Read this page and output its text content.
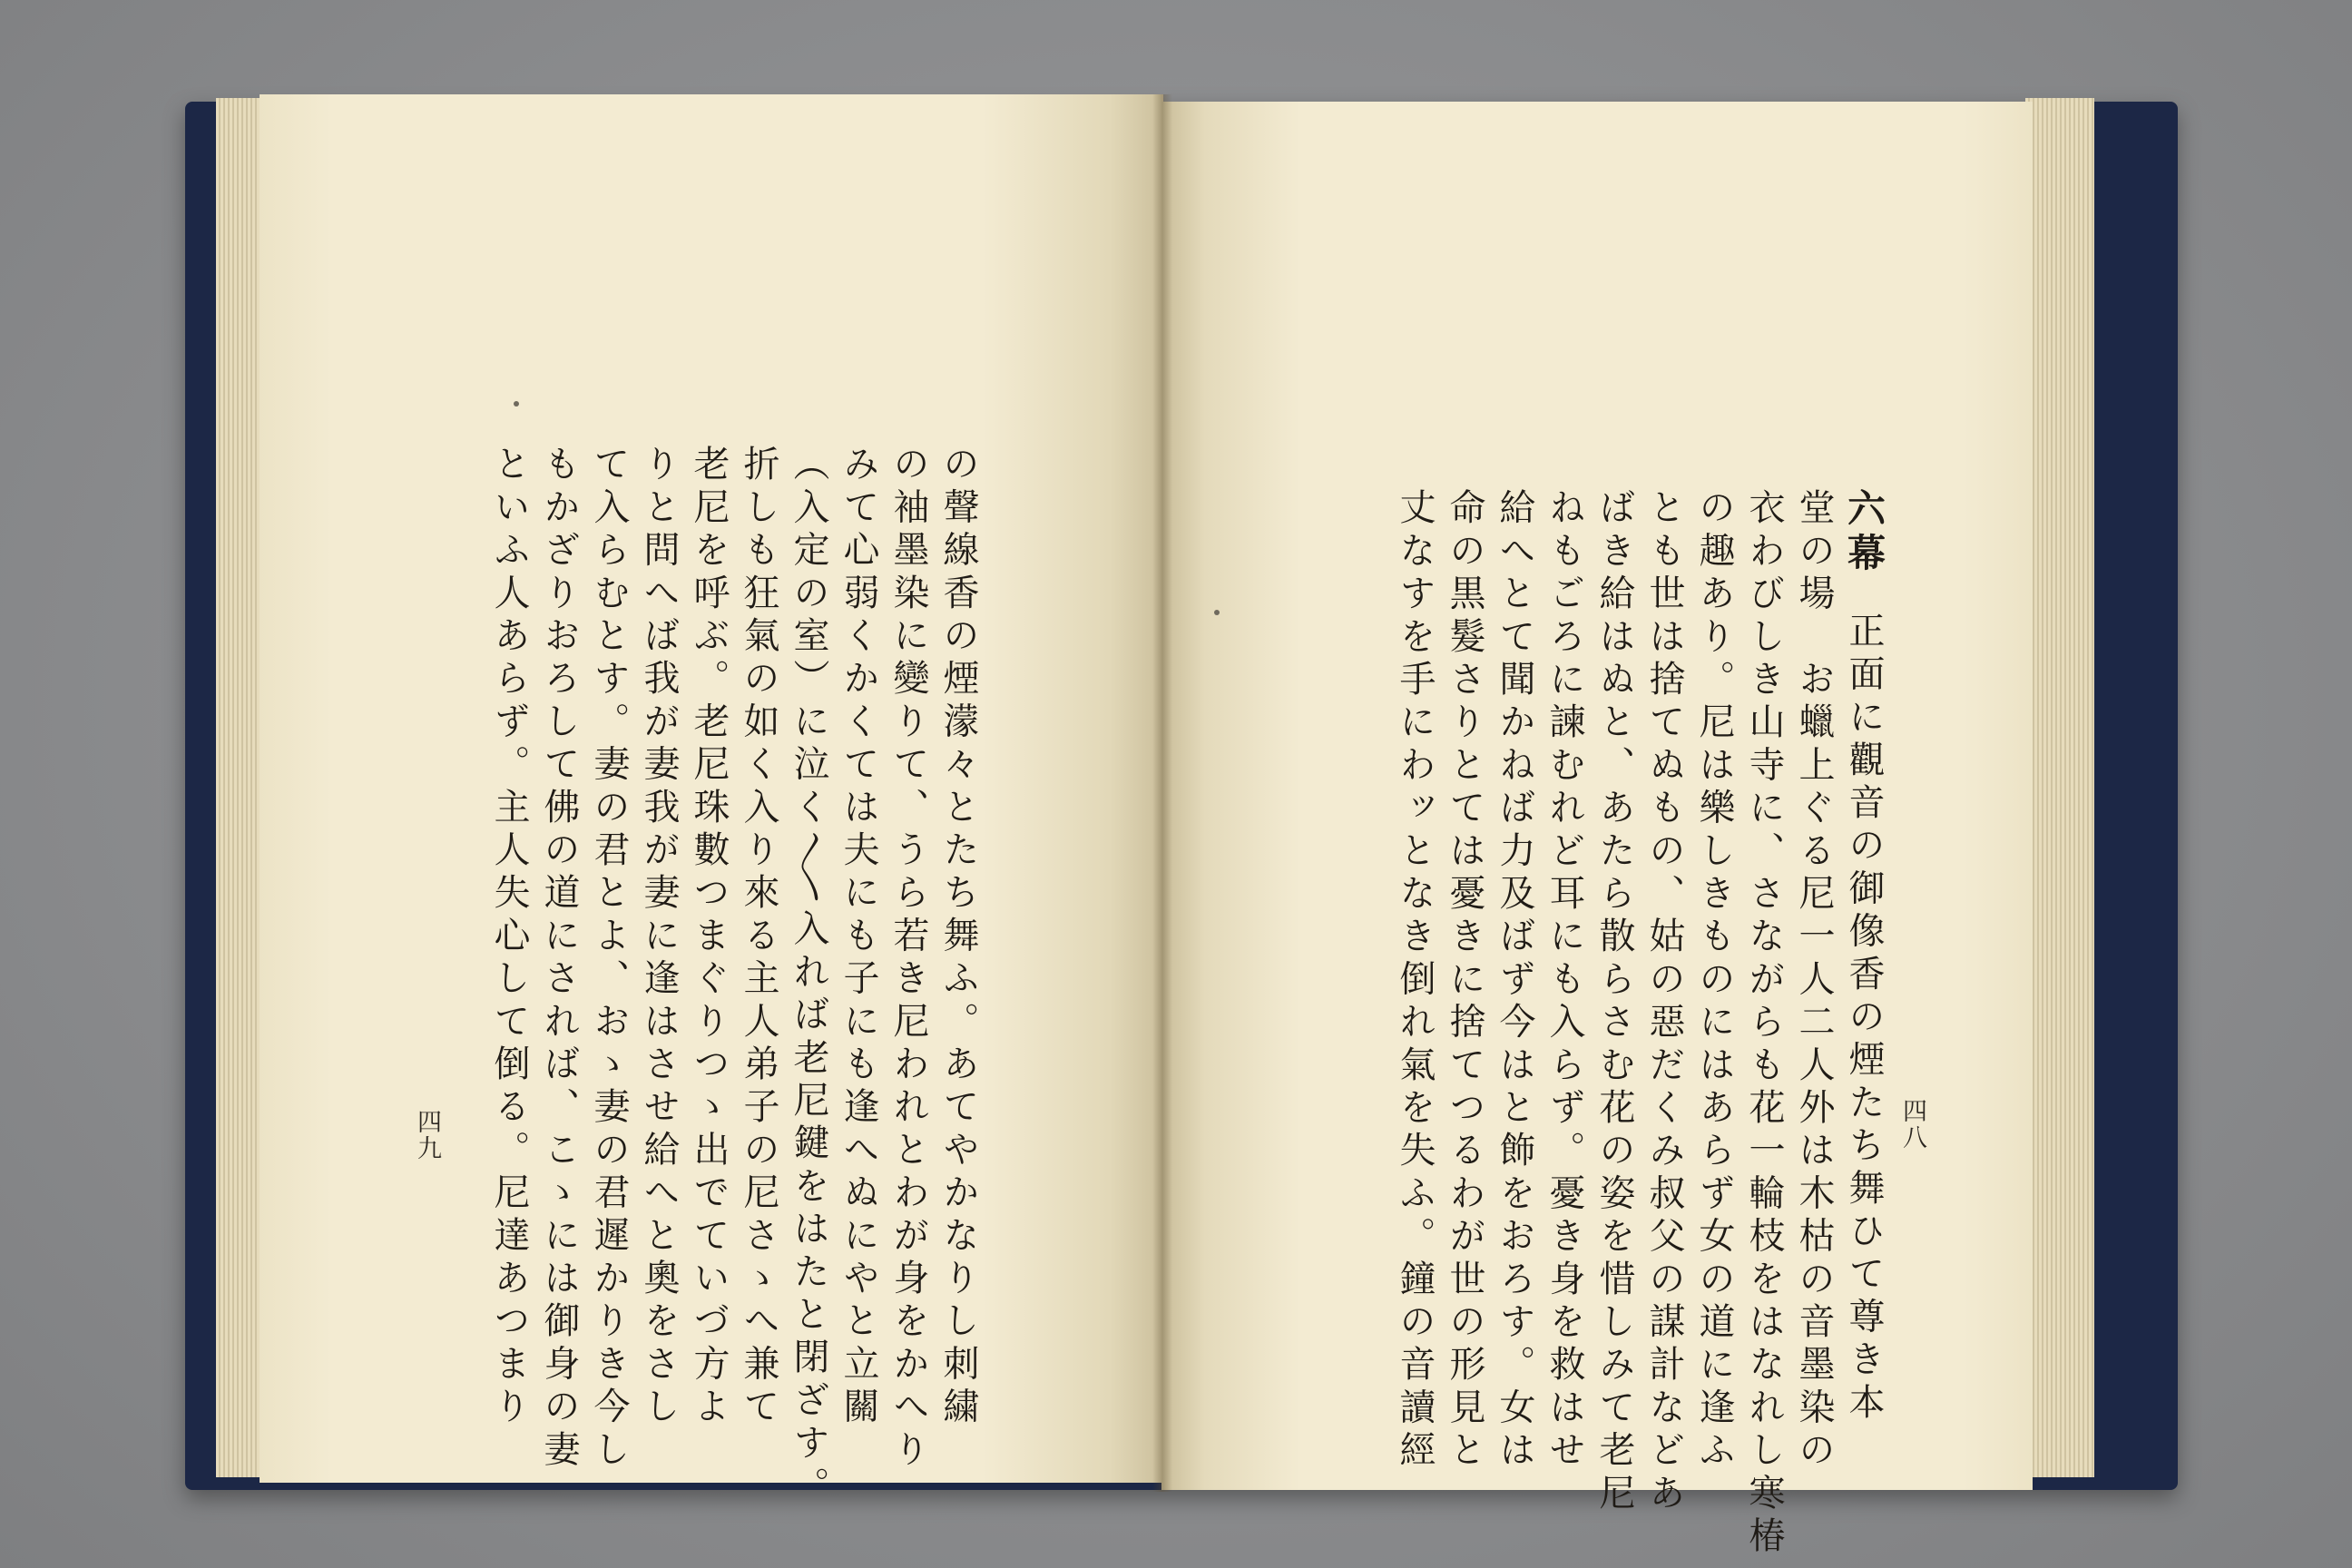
四九	の聲線香の煙濛々とたち舞ふ。あてやかなりし刺繍
の袖墨染に變りて、うら若き尼われとわが身をかへり
みて心弱くかくては夫にも子にも逢へぬにやと立關
（入定の室）に泣く〳〵入れば老尼鍵をはたと閉ざす。
折しも狂氣の如く入り來る主人弟子の尼さゝへ兼て
老尼を呼ぶ。老尼珠數つまぐりつゝ出でていづ方よ
りと問へば我が妻我が妻に逢はさせ給へと奧をさし
て入らむとす。妻の君とよ、おゝ妻の君遲かりき今し
もかざりおろして佛の道にされば、こゝには御身の妻
といふ人あらず。主人失心して倒る。尼達あつまり	四八
六幕
正面に觀音の御像香の煙たち舞ひて尊き本
堂の場　お蠟上ぐる尼一人二人外は木枯の音墨染の
衣わびしき山寺に、さながらも花一輪枝をはなれし寒椿
の趣あり。尼は樂しきものにはあらず女の道に逢ふ
とも世は捨てぬもの、姑の惡だくみ叔父の謀計などあ
ばき給はぬと、あたら散らさむ花の姿を惜しみて老尼
ねもごろに諫むれど耳にも入らず。憂き身を救はせ
給へとて聞かねば力及ばず今はと飾をおろす。女は
命の黒髮さりとては憂きに捨てつるわが世の形見と
丈なすを手にわッとなき倒れ氣を失ふ。鐘の音讀經
